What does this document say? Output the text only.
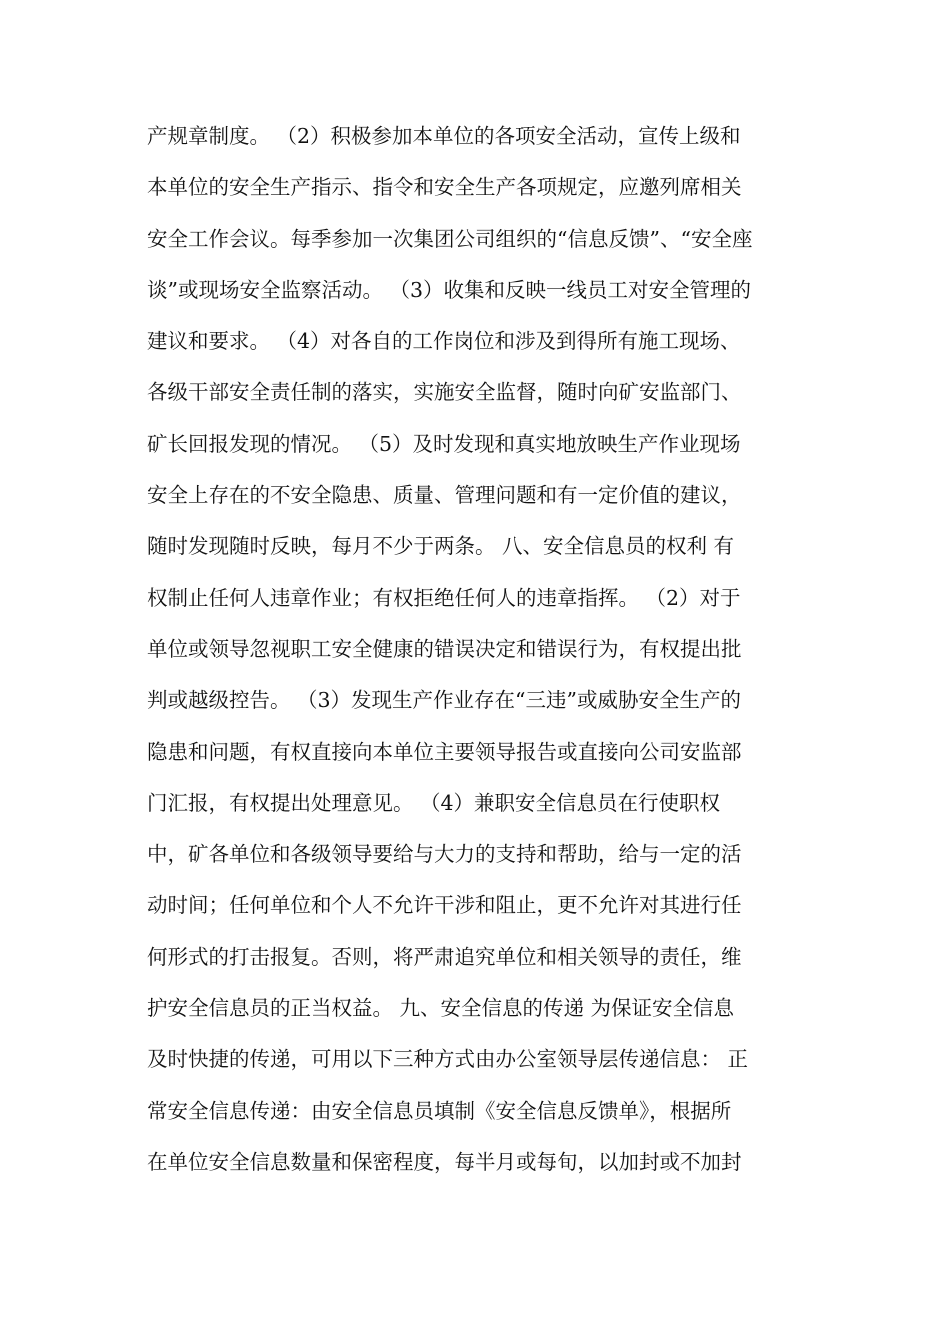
产规章制度。 （2）积极参加本单位的各项安全活动，宣传上级和
本单位的安全生产指示、指令和安全生产各项规定，应邀列席相关
安全工作会议。每季参加一次集团公司组织的“信息反馈”、“安全座
谈”或现场安全监察活动。 （3）收集和反映一线员工对安全管理的
建议和要求。 （4）对各自的工作岗位和涉及到得所有施工现场、
各级干部安全责任制的落实，实施安全监督，随时向矿安监部门、
矿长回报发现的情况。 （5）及时发现和真实地放映生产作业现场
安全上存在的不安全隐患、质量、管理问题和有一定价值的建议，
随时发现随时反映，每月不少于两条。 八、安全信息员的权利 有
权制止任何人违章作业；有权拒绝任何人的违章指挥。 （2）对于
单位或领导忽视职工安全健康的错误决定和错误行为，有权提出批
判或越级控告。 （3）发现生产作业存在“三违”或威胁安全生产的
隐患和问题，有权直接向本单位主要领导报告或直接向公司安监部
门汇报，有权提出处理意见。 （4）兼职安全信息员在行使职权
中，矿各单位和各级领导要给与大力的支持和帮助，给与一定的活
动时间；任何单位和个人不允许干涉和阻止，更不允许对其进行任
何形式的打击报复。否则，将严肃追究单位和相关领导的责任，维
护安全信息员的正当权益。 九、安全信息的传递 为保证安全信息
及时快捷的传递，可用以下三种方式由办公室领导层传递信息： 正
常安全信息传递：由安全信息员填制《安全信息反馈单》，根据所
在单位安全信息数量和保密程度，每半月或每旬，以加封或不加封
